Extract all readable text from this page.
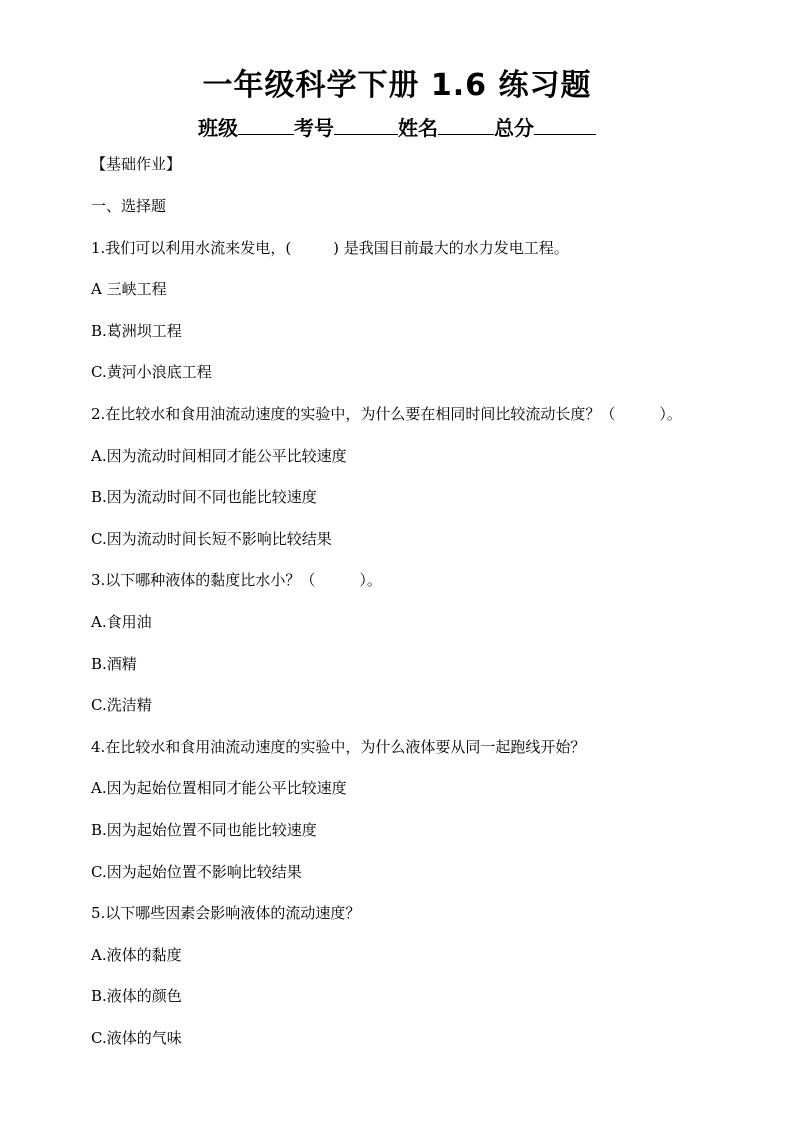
一年级科学下册 1.6 练习题
班级	考号	姓名	总分
【基础作业】
一、选择题
1.我们可以利用水流来发电，(	) 是我国目前最大的水力发电工程。
A 三峡工程
B.葛洲坝工程
C.黄河小浪底工程
2.在比较水和食用油流动速度的实验中，为什么要在相同时间比较流动长度？（	）。
A.因为流动时间相同才能公平比较速度
B.因为流动时间不同也能比较速度
C.因为流动时间长短不影响比较结果
3.以下哪种液体的黏度比水小？（	）。
A.食用油
B.酒精
C.洗洁精
4.在比较水和食用油流动速度的实验中，为什么液体要从同一起跑线开始？
A.因为起始位置相同才能公平比较速度
B.因为起始位置不同也能比较速度
C.因为起始位置不影响比较结果
5.以下哪些因素会影响液体的流动速度？
A.液体的黏度
B.液体的颜色
C.液体的气味
